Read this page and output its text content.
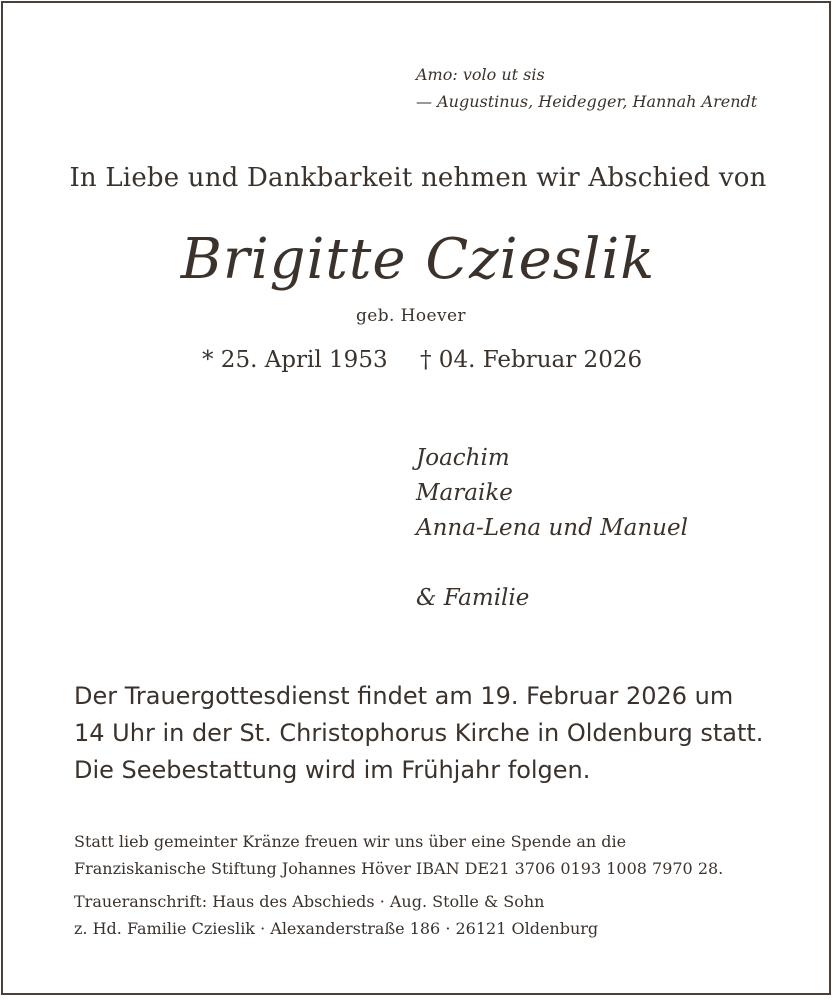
Amo: volo ut sis
— Augustinus, Heidegger, Hannah Arendt
In Liebe und Dankbarkeit nehmen wir Abschied von
Brigitte Czieslik
geb. Hoever
* 25. April 1953 † 04. Februar 2026
Joachim
Maraike
Anna-Lena und Manuel
& Familie
Der Trauergottesdienst findet am 19. Februar 2026 um
14 Uhr in der St. Christophorus Kirche in Oldenburg statt.
Die Seebestattung wird im Frühjahr folgen.
Statt lieb gemeinter Kränze freuen wir uns über eine Spende an die
Franziskanische Stiftung Johannes Höver IBAN DE21 3706 0193 1008 7970 28.
Traueranschrift: Haus des Abschieds · Aug. Stolle & Sohn
z. Hd. Familie Czieslik · Alexanderstraße 186 · 26121 Oldenburg
